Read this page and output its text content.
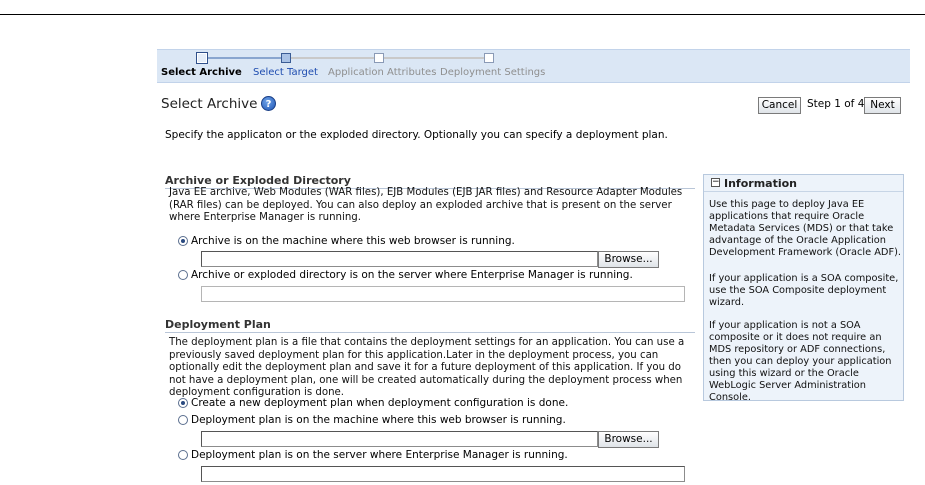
Select Archive Select Target Application Attributes Deployment Settings
Select Archive ?	Cancel Step 1 of 4 Next
Specify the applicaton or the exploded directory. Optionally you can specify a deployment plan.
Archive or Exploded Directory
Java EE archive, Web Modules (WAR files), EJB Modules (EJB JAR files) and Resource Adapter Modules (RAR files) can be deployed. You can also deploy an exploded archive that is present on the server where Enterprise Manager is running.
Archive is on the machine where this web browser is running.
Browse...
Archive or exploded directory is on the server where Enterprise Manager is running.
Deployment Plan
The deployment plan is a file that contains the deployment settings for an application. You can use a previously saved deployment plan for this application.Later in the deployment process, you can optionally edit the deployment plan and save it for a future deployment of this application. If you do not have a deployment plan, one will be created automatically during the deployment process when deployment configuration is done.
Create a new deployment plan when deployment configuration is done.
Deployment plan is on the machine where this web browser is running.
Browse...
Deployment plan is on the server where Enterprise Manager is running.
− Information
Use this page to deploy Java EE applications that require Oracle Metadata Services (MDS) or that take advantage of the Oracle Application Development Framework (Oracle ADF).
If your application is a SOA composite, use the SOA Composite deployment wizard.
If your application is not a SOA composite or it does not require an MDS repository or ADF connections, then you can deploy your application using this wizard or the Oracle WebLogic Server Administration Console.
